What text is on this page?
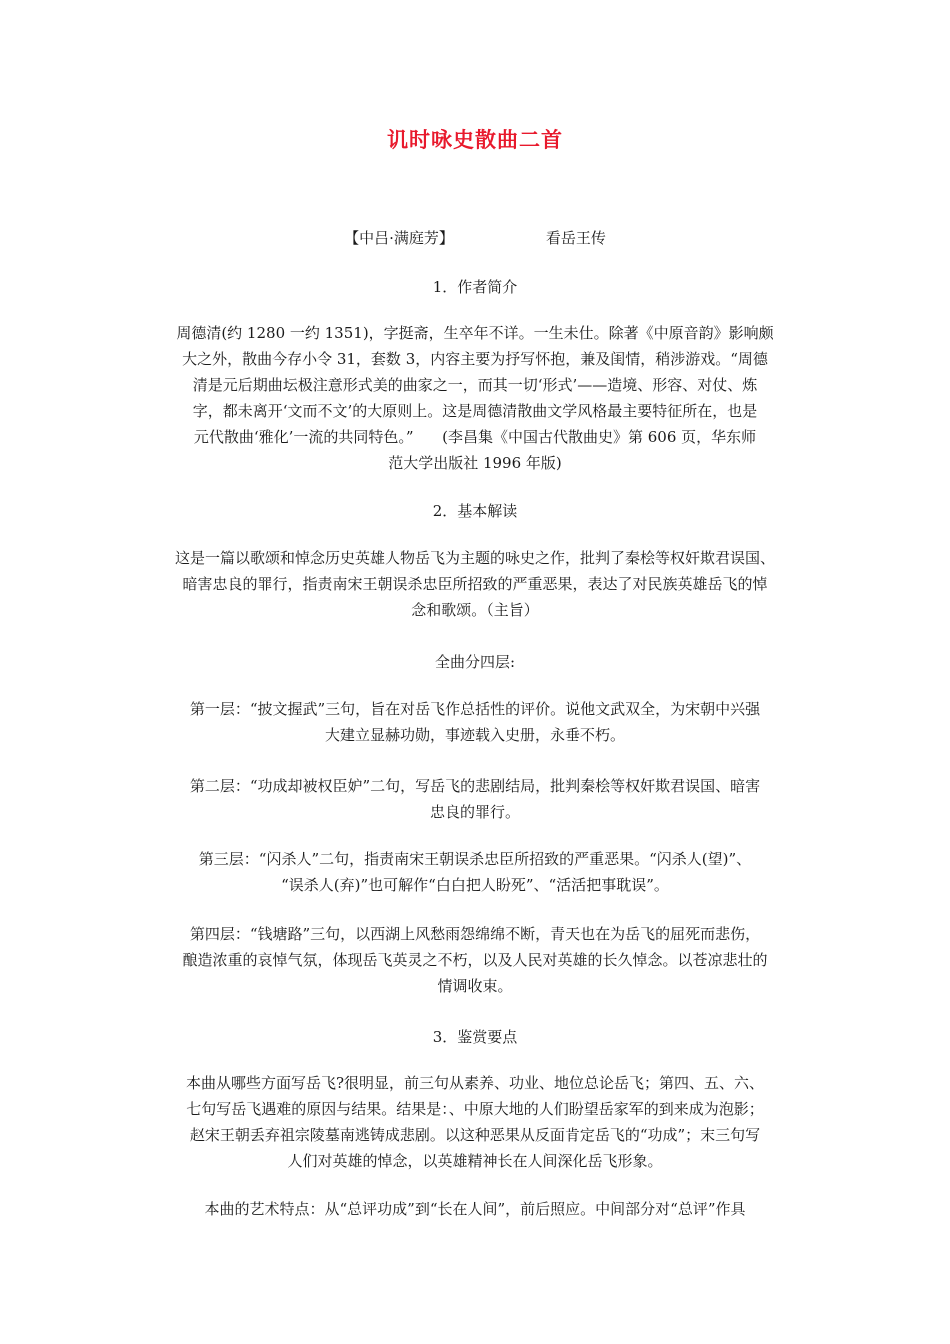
讥时咏史散曲二首
【中吕·满庭芳】	看岳王传
1．作者简介
周德清(约 1280 一约 1351)，字挺斋，生卒年不详。一生未仕。除著《中原音韵》影响颇
大之外，散曲今存小令 31，套数 3，内容主要为抒写怀抱，兼及闺情，稍涉游戏。“周德
清是元后期曲坛极注意形式美的曲家之一，而其一切‘形式’——造境、形容、对仗、炼
字，都未离开‘文而不文’的大原则上。这是周德清散曲文学风格最主要特征所在，也是
元代散曲‘雅化’一流的共同特色。”      (李昌集《中国古代散曲史》第 606 页，华东师
范大学出版社 1996 年版)
2．基本解读
这是一篇以歌颂和悼念历史英雄人物岳飞为主题的咏史之作，批判了秦桧等权奸欺君误国、
暗害忠良的罪行，指责南宋王朝误杀忠臣所招致的严重恶果，表达了对民族英雄岳飞的悼
念和歌颂。（主旨）
全曲分四层:
第一层：“披文握武”三句，旨在对岳飞作总括性的评价。说他文武双全，为宋朝中兴强
大建立显赫功勋，事迹载入史册，永垂不朽。
第二层：“功成却被权臣妒”二句，写岳飞的悲剧结局，批判秦桧等权奸欺君误国、暗害
忠良的罪行。
第三层：“闪杀人”二句，指责南宋王朝误杀忠臣所招致的严重恶果。“闪杀人(望)”、
“误杀人(弃)”也可解作“白白把人盼死”、“活活把事耽误”。
第四层：“钱塘路”三句，以西湖上风愁雨怨绵绵不断，青天也在为岳飞的屈死而悲伤，
酿造浓重的哀悼气氛，体现岳飞英灵之不朽，以及人民对英雄的长久悼念。以苍凉悲壮的
情调收束。
3．鉴赏要点
本曲从哪些方面写岳飞?很明显，前三句从素养、功业、地位总论岳飞；第四、五、六、
七句写岳飞遇难的原因与结果。结果是：、中原大地的人们盼望岳家军的到来成为泡影；
赵宋王朝丢弃祖宗陵墓南逃铸成悲剧。以这种恶果从反面肯定岳飞的“功成”；末三句写
人们对英雄的悼念，以英雄精神长在人间深化岳飞形象。
本曲的艺术特点：从“总评功成”到“长在人间”，前后照应。中间部分对“总评”作具
